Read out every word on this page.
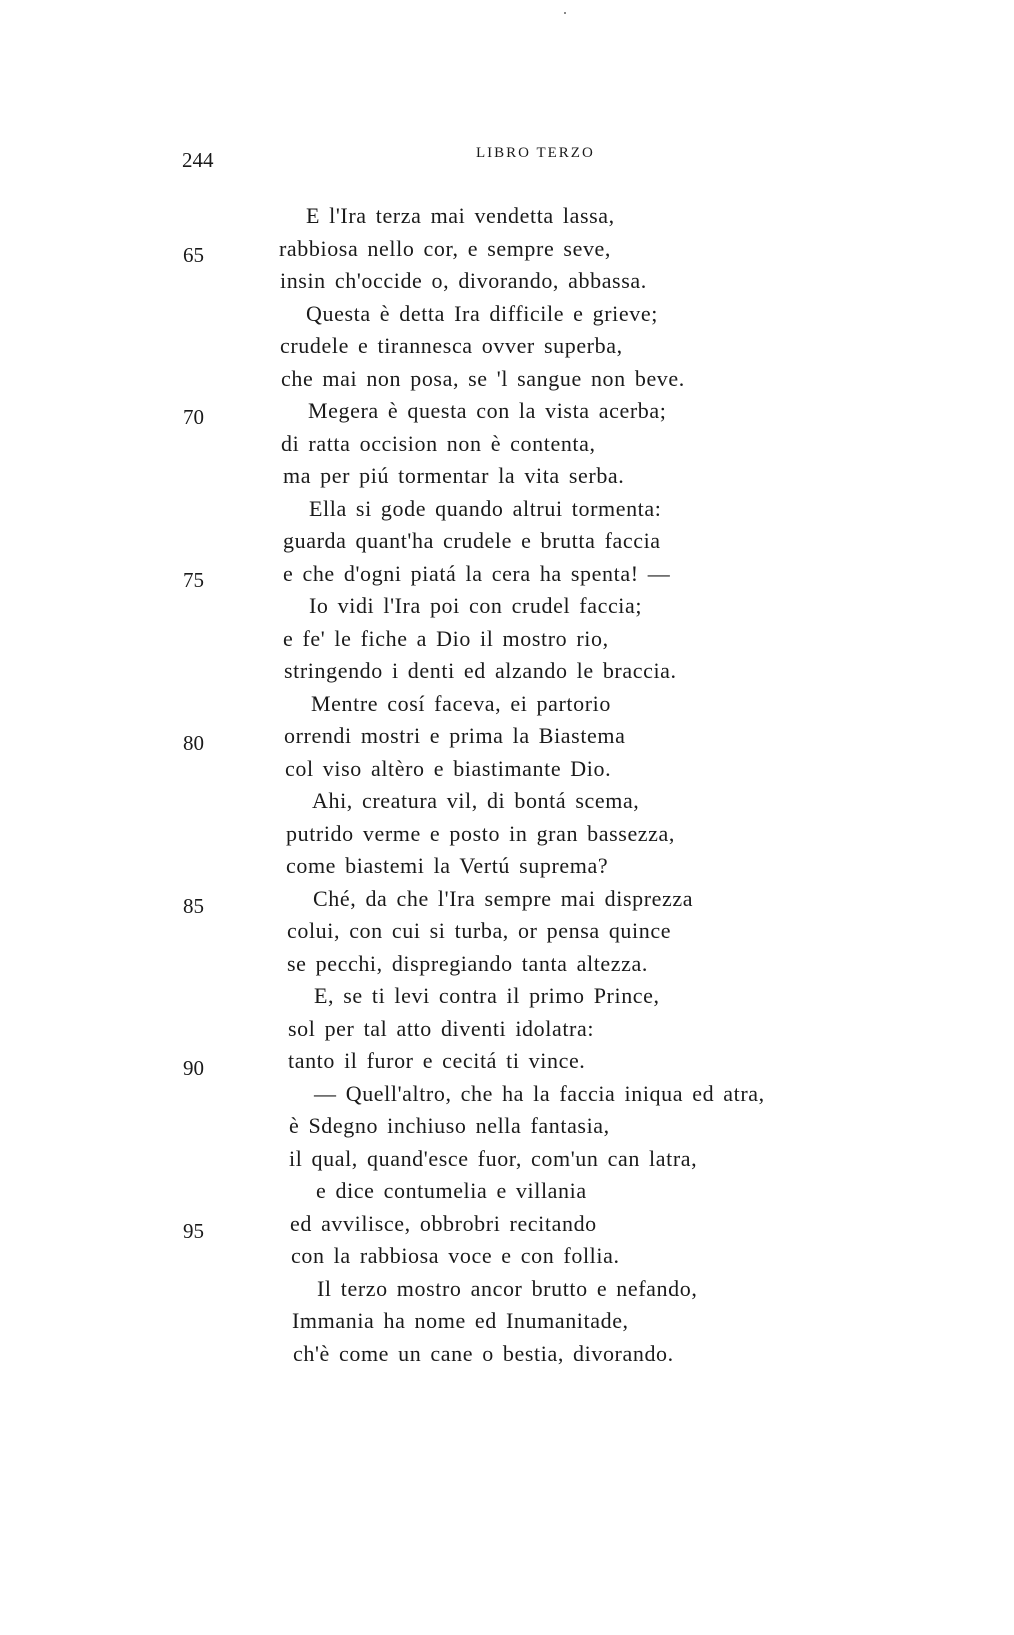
244	LIBRO TERZO
65
70
75
80
85
90
95
E l'Ira terza mai vendetta lassa,
rabbiosa nello cor, e sempre seve,
insin ch'occide o, divorando, abbassa.
Questa è detta Ira difficile e grieve;
crudele e tirannesca ovver superba,
che mai non posa, se 'l sangue non beve.
Megera è questa con la vista acerba;
di ratta occision non è contenta,
ma per piú tormentar la vita serba.
Ella si gode quando altrui tormenta:
guarda quant'ha crudele e brutta faccia
e che d'ogni piatá la cera ha spenta! —
Io vidi l'Ira poi con crudel faccia;
e fe' le fiche a Dio il mostro rio,
stringendo i denti ed alzando le braccia.
Mentre cosí faceva, ei partorio
orrendi mostri e prima la Biastema
col viso altèro e biastimante Dio.
Ahi, creatura vil, di bontá scema,
putrido verme e posto in gran bassezza,
come biastemi la Vertú suprema?
Ché, da che l'Ira sempre mai disprezza
colui, con cui si turba, or pensa quince
se pecchi, dispregiando tanta altezza.
E, se ti levi contra il primo Prince,
sol per tal atto diventi idolatra:
tanto il furor e cecitá ti vince.
— Quell'altro, che ha la faccia iniqua ed atra,
è Sdegno inchiuso nella fantasia,
il qual, quand'esce fuor, com'un can latra,
e dice contumelia e villania
ed avvilisce, obbrobri recitando
con la rabbiosa voce e con follia.
Il terzo mostro ancor brutto e nefando,
Immania ha nome ed Inumanitade,
ch'è come un cane o bestia, divorando.
